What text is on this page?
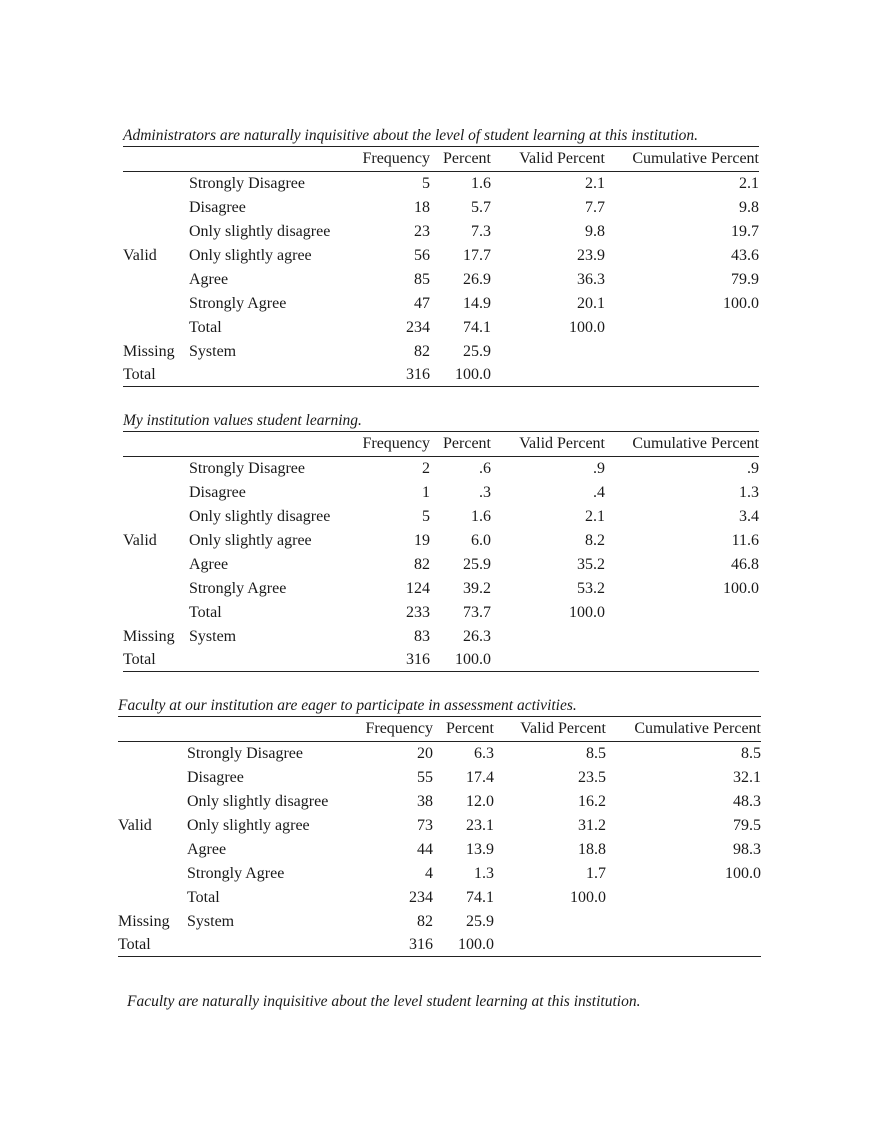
Administrators are naturally inquisitive about the level of student learning at this institution.
		Frequency	Percent	Valid Percent	Cumulative Percent
	Strongly Disagree	5	1.6	2.1	2.1
	Disagree	18	5.7	7.7	9.8
	Only slightly disagree	23	7.3	9.8	19.7
Valid	Only slightly agree	56	17.7	23.9	43.6
	Agree	85	26.9	36.3	79.9
	Strongly Agree	47	14.9	20.1	100.0
	Total	234	74.1	100.0	
Missing	System	82	25.9		
Total		316	100.0		
My institution values student learning.
		Frequency	Percent	Valid Percent	Cumulative Percent
	Strongly Disagree	2	.6	.9	.9
	Disagree	1	.3	.4	1.3
	Only slightly disagree	5	1.6	2.1	3.4
Valid	Only slightly agree	19	6.0	8.2	11.6
	Agree	82	25.9	35.2	46.8
	Strongly Agree	124	39.2	53.2	100.0
	Total	233	73.7	100.0	
Missing	System	83	26.3		
Total		316	100.0		
Faculty at our institution are eager to participate in assessment activities.
		Frequency	Percent	Valid Percent	Cumulative Percent
	Strongly Disagree	20	6.3	8.5	8.5
	Disagree	55	17.4	23.5	32.1
	Only slightly disagree	38	12.0	16.2	48.3
Valid	Only slightly agree	73	23.1	31.2	79.5
	Agree	44	13.9	18.8	98.3
	Strongly Agree	4	1.3	1.7	100.0
	Total	234	74.1	100.0	
Missing	System	82	25.9		
Total		316	100.0		
Faculty are naturally inquisitive about the level student learning at this institution.
